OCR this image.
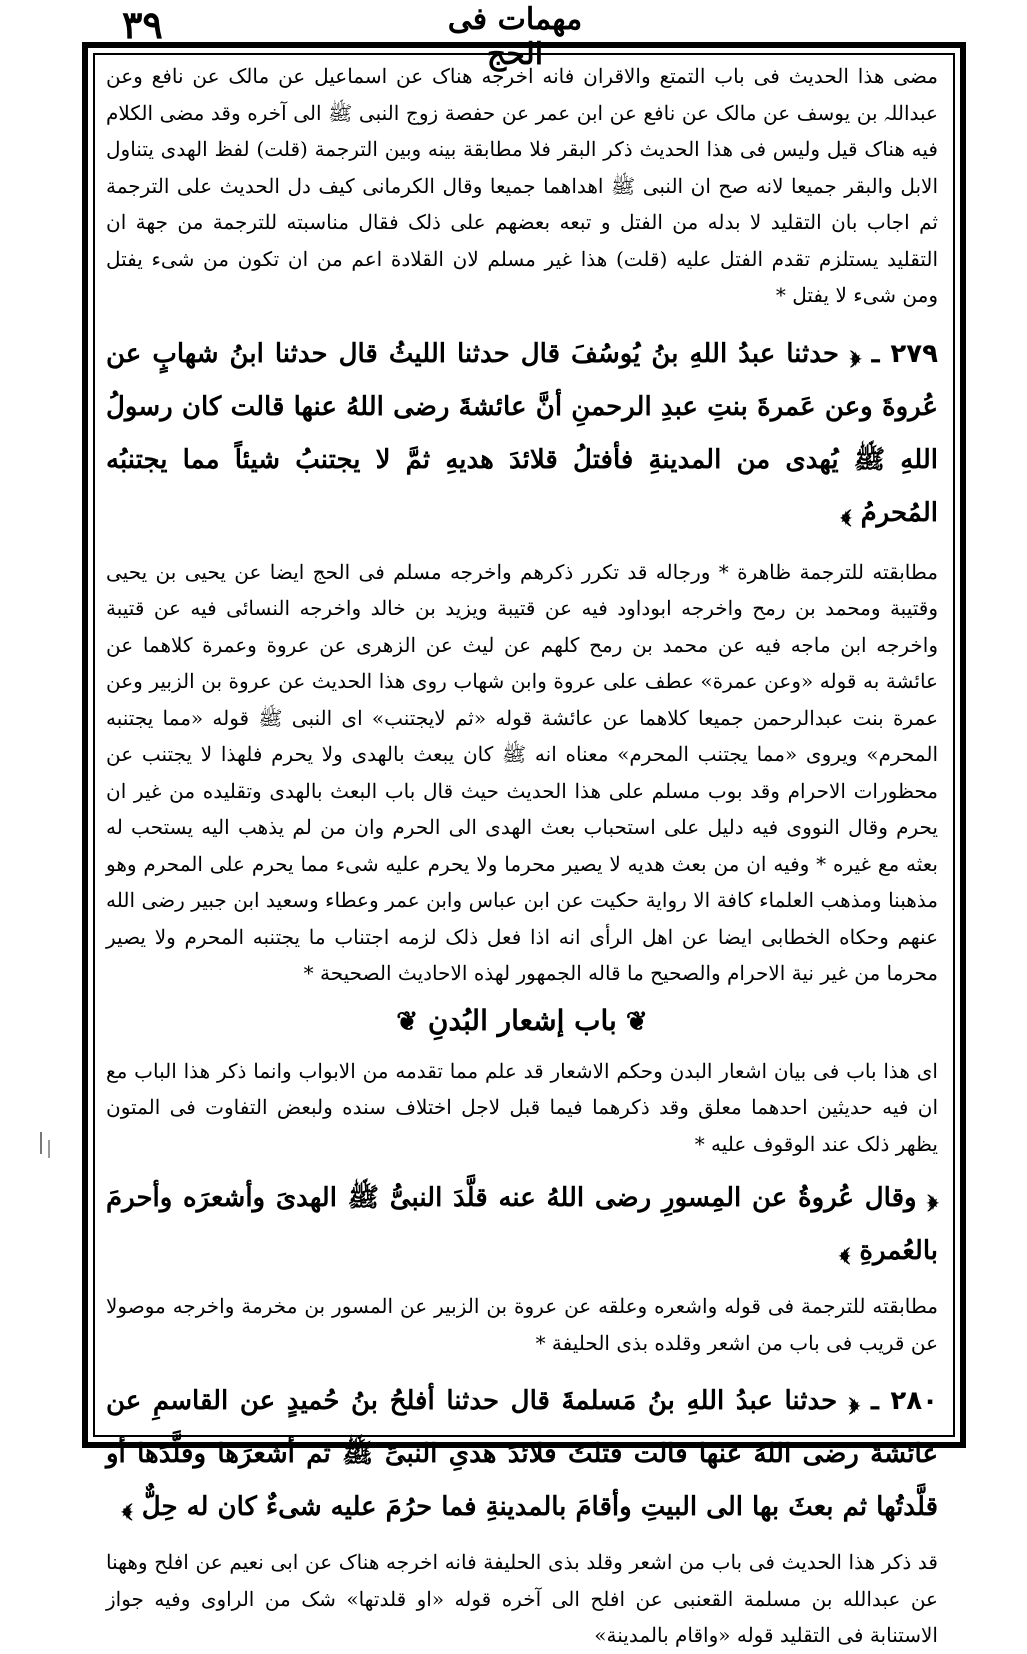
٣٩	مهمات فی الحج

مضی هذا الحدیث فی باب التمتع والاقران فانه اخرجه هناک عن اسماعیل عن مالک عن نافع وعن عبداللہ بن یوسف عن مالک عن نافع عن ابن عمر عن حفصة زوج النبی ﷺ الی آخره وقد مضی الکلام فیه هناک قیل ولیس فی هذا الحدیث ذکر البقر فلا مطابقة بینه وبین الترجمة (قلت) لفظ الهدی یتناول الابل والبقر جمیعا لانه صح ان النبی ﷺ اهداهما جمیعا وقال الکرمانی کیف دل الحدیث علی الترجمة ثم اجاب بان التقلید لا بدله من الفتل و تبعه بعضهم علی ذلک فقال مناسبته للترجمة من جهة ان التقلید یستلزم تقدم الفتل علیه (قلت) هذا غیر مسلم لان القلادة اعم من ان تکون من شیء یفتل ومن شیء لا یفتل *

٢٧٩ ـ ﴿ حدثنا عبدُ اللهِ بنُ یُوسُفَ قال حدثنا اللیثُ قال حدثنا ابنُ شهابٍ عن عُروةَ وعن عَمرةَ بنتِ عبدِ الرحمنِ أنَّ عائشةَ رضی اللهُ عنها قالت کان رسولُ اللهِ ﷺ یُهدی من المدینةِ فأفتلُ قلائدَ هدیهِ ثمَّ لا یجتنبُ شیئاً مما یجتنبُه المُحرمُ ﴾

مطابقته للترجمة ظاهرة * ورجاله قد تکرر ذکرهم واخرجه مسلم فی الحج ایضا عن یحیی بن یحیی وقتیبة ومحمد بن رمح واخرجه ابوداود فیه عن قتیبة ویزید بن خالد واخرجه النسائی فیه عن قتیبة واخرجه ابن ماجه فیه عن محمد بن رمح کلهم عن لیث عن الزهری عن عروة وعمرة کلاهما عن عائشة به قوله «وعن عمرة» عطف علی عروة وابن شهاب روی هذا الحدیث عن عروة بن الزبیر وعن عمرة بنت عبدالرحمن جمیعا کلاهما عن عائشة قوله «ثم لایجتنب» ای النبی ﷺ قوله «مما یجتنبه المحرم» ویروی «مما یجتنب المحرم» معناه انه ﷺ کان یبعث بالهدی ولا یحرم فلهذا لا یجتنب عن محظورات الاحرام وقد بوب مسلم علی هذا الحدیث حیث قال باب البعث بالهدی وتقلیده من غیر ان یحرم وقال النووی فیه دلیل علی استحباب بعث الهدی الی الحرم وان من لم یذهب الیه یستحب له بعثه مع غیره * وفیه ان من بعث هدیه لا یصیر محرما ولا یحرم علیه شیء مما یحرم علی المحرم وهو مذهبنا ومذهب العلماء کافة الا روایة حکیت عن ابن عباس وابن عمر وعطاء وسعید ابن جبیر رضی الله عنهم وحکاه الخطابی ایضا عن اهل الرأی انه اذا فعل ذلک لزمه اجتناب ما یجتنبه المحرم ولا یصیر محرما من غیر نیة الاحرام والصحیح ما قاله الجمهور لهذه الاحادیث الصحیحة *

❦ باب إشعار البُدنِ ❦

ای هذا باب فی بیان اشعار البدن وحکم الاشعار قد علم مما تقدمه من الابواب وانما ذکر هذا الباب مع ان فیه حدیثین احدهما معلق وقد ذکرهما فیما قبل لاجل اختلاف سنده ولبعض التفاوت فی المتون یظهر ذلک عند الوقوف علیه *

﴿ وقال عُروةُ عن المِسورِ رضی اللهُ عنه قلَّدَ النبیُّ ﷺ الهدیَ وأشعرَه وأحرمَ بالعُمرةِ ﴾

مطابقته للترجمة فی قوله واشعره وعلقه عن عروة بن الزبیر عن المسور بن مخرمة واخرجه موصولا عن قریب فی باب من اشعر وقلده بذی الحلیفة *

٢٨٠ ـ ﴿ حدثنا عبدُ اللهِ بنُ مَسلمةَ قال حدثنا أفلحُ بنُ حُمیدٍ عن القاسمِ عن عائشةَ رضی اللهُ عنها قالت فتلتُ قلائدَ هدیِ النبیِّ ﷺ ثم أشعرَها وقلَّدَها أو قلَّدتُها ثم بعثَ بها الی البیتِ وأقامَ بالمدینةِ فما حرُمَ علیه شیءٌ کان له حِلٌّ ﴾

قد ذکر هذا الحدیث فی باب من اشعر وقلد بذی الحلیفة فانه اخرجه هناک عن ابی نعیم عن افلح وههنا عن عبدالله بن مسلمة القعنبی عن افلح الی آخره قوله «او قلدتها» شک من الراوی وفیه جواز الاستنابة فی التقلید قوله «واقام بالمدینة»
